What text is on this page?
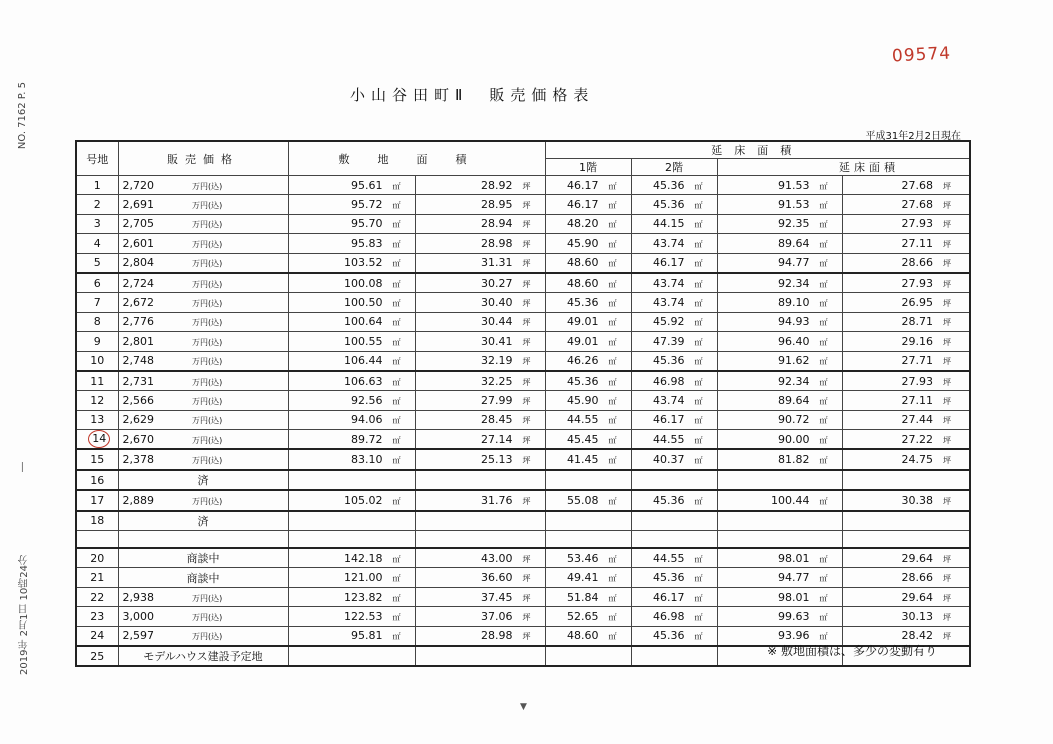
09574
NO. 7162 P. 5
―
2019年 2月1日 10時24分
小山谷田町Ⅱ　販売価格表
平成31年2月2日現在
号地	販売価格	敷地面積		延床面積			
				1階	2階	延床面積	
1	2,720 万円(込)	95.61 ㎡	28.92 坪	46.17 ㎡	45.36 ㎡	91.53 ㎡	27.68 坪
2	2,691 万円(込)	95.72 ㎡	28.95 坪	46.17 ㎡	45.36 ㎡	91.53 ㎡	27.68 坪
3	2,705 万円(込)	95.70 ㎡	28.94 坪	48.20 ㎡	44.15 ㎡	92.35 ㎡	27.93 坪
4	2,601 万円(込)	95.83 ㎡	28.98 坪	45.90 ㎡	43.74 ㎡	89.64 ㎡	27.11 坪
5	2,804 万円(込)	103.52 ㎡	31.31 坪	48.60 ㎡	46.17 ㎡	94.77 ㎡	28.66 坪
6	2,724 万円(込)	100.08 ㎡	30.27 坪	48.60 ㎡	43.74 ㎡	92.34 ㎡	27.93 坪
7	2,672 万円(込)	100.50 ㎡	30.40 坪	45.36 ㎡	43.74 ㎡	89.10 ㎡	26.95 坪
8	2,776 万円(込)	100.64 ㎡	30.44 坪	49.01 ㎡	45.92 ㎡	94.93 ㎡	28.71 坪
9	2,801 万円(込)	100.55 ㎡	30.41 坪	49.01 ㎡	47.39 ㎡	96.40 ㎡	29.16 坪
10	2,748 万円(込)	106.44 ㎡	32.19 坪	46.26 ㎡	45.36 ㎡	91.62 ㎡	27.71 坪
11	2,731 万円(込)	106.63 ㎡	32.25 坪	45.36 ㎡	46.98 ㎡	92.34 ㎡	27.93 坪
12	2,566 万円(込)	92.56 ㎡	27.99 坪	45.90 ㎡	43.74 ㎡	89.64 ㎡	27.11 坪
13	2,629 万円(込)	94.06 ㎡	28.45 坪	44.55 ㎡	46.17 ㎡	90.72 ㎡	27.44 坪
14	2,670 万円(込)	89.72 ㎡	27.14 坪	45.45 ㎡	44.55 ㎡	90.00 ㎡	27.22 坪
15	2,378 万円(込)	83.10 ㎡	25.13 坪	41.45 ㎡	40.37 ㎡	81.82 ㎡	24.75 坪
16	済						
17	2,889 万円(込)	105.02 ㎡	31.76 坪	55.08 ㎡	45.36 ㎡	100.44 ㎡	30.38 坪
18	済						

20	商談中	142.18 ㎡	43.00 坪	53.46 ㎡	44.55 ㎡	98.01 ㎡	29.64 坪
21	商談中	121.00 ㎡	36.60 坪	49.41 ㎡	45.36 ㎡	94.77 ㎡	28.66 坪
22	2,938 万円(込)	123.82 ㎡	37.45 坪	51.84 ㎡	46.17 ㎡	98.01 ㎡	29.64 坪
23	3,000 万円(込)	122.53 ㎡	37.06 坪	52.65 ㎡	46.98 ㎡	99.63 ㎡	30.13 坪
24	2,597 万円(込)	95.81 ㎡	28.98 坪	48.60 ㎡	45.36 ㎡	93.96 ㎡	28.42 坪
25	モデルハウス建設予定地							※ 敷地面積は、多少の変動有り
▼
